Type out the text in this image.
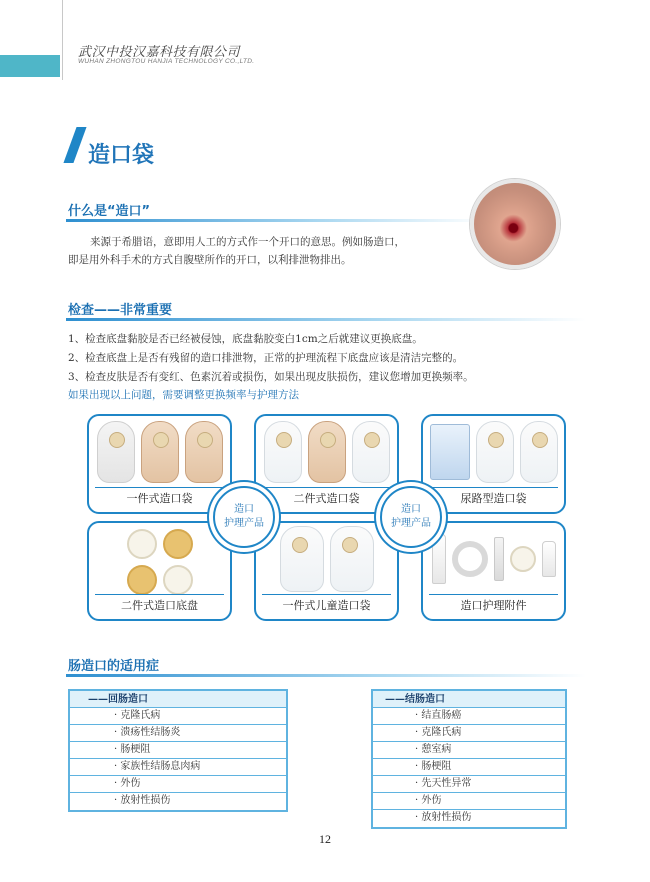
武汉中投汉嘉科技有限公司
WUHAN ZHONGTOU HANJIA TECHNOLOGY CO.,LTD.
造口袋
什么是“造口”
来源于希腊语，意即用人工的方式作一个开口的意思。例如肠造口，
即是用外科手术的方式自腹壁所作的开口，以利排泄物排出。
检查——非常重要
1、检查底盘黏胶是否已经被侵蚀，底盘黏胶变白1cm之后就建议更换底盘。
2、检查底盘上是否有残留的造口排泄物，正常的护理流程下底盘应该是清洁完整的。
3、检查皮肤是否有变红、色素沉着或损伤，如果出现皮肤损伤，建议您增加更换频率。
如果出现以上问题，需要调整更换频率与护理方法
一件式造口袋	二件式造口袋	尿路型造口袋
二件式造口底盘	一件式儿童造口袋	造口护理附件
造口
护理产品
造口
护理产品
肠造口的适用症
——回肠造口
· 克隆氏病
· 溃疡性结肠炎
· 肠梗阻
· 家族性结肠息肉病
· 外伤
· 放射性损伤
——结肠造口
· 结直肠癌
· 克隆氏病
· 憩室病
· 肠梗阻
· 先天性异常
· 外伤
· 放射性损伤
12
